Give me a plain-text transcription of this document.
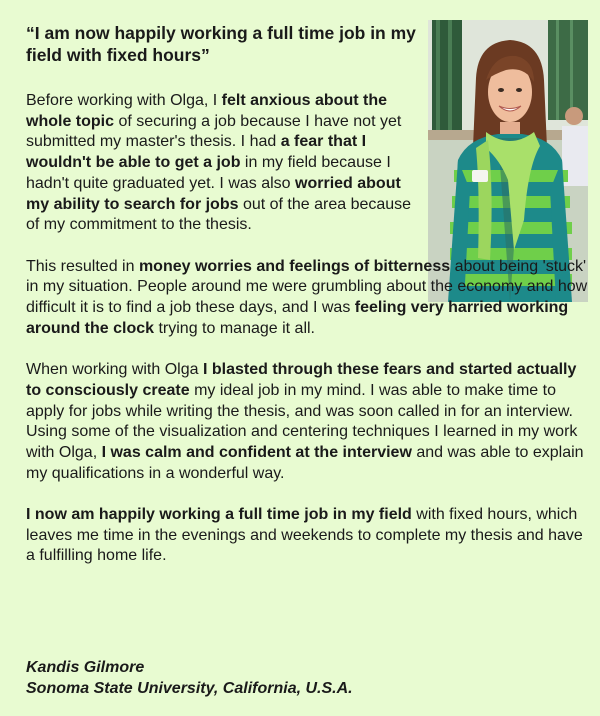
“I am now happily working a full time job in my field with fixed hours”

Before working with Olga, I felt anxious about the whole topic of securing a job because I have not yet submitted my master's thesis. I had a fear that I wouldn't be able to get a job in my field because I hadn't quite graduated yet. I was also worried about my ability to search for jobs out of the area because of my commitment to the thesis.

This resulted in money worries and feelings of bitterness about being 'stuck' in my situation. People around me were grumbling about the economy and how difficult it is to find a job these days, and I was feeling very harried working around the clock trying to manage it all.

When working with Olga I blasted through these fears and started actually to consciously create my ideal job in my mind. I was able to make time to apply for jobs while writing the thesis, and was soon called in for an interview. Using some of the visualization and centering techniques I learned in my work with Olga, I was calm and confident at the interview and was able to explain my qualifications in a wonderful way.

I now am happily working a full time job in my field with fixed hours, which leaves me time in the evenings and weekends to complete my thesis and have a fulfilling home life.

Kandis Gilmore
Sonoma State University, California, U.S.A.
